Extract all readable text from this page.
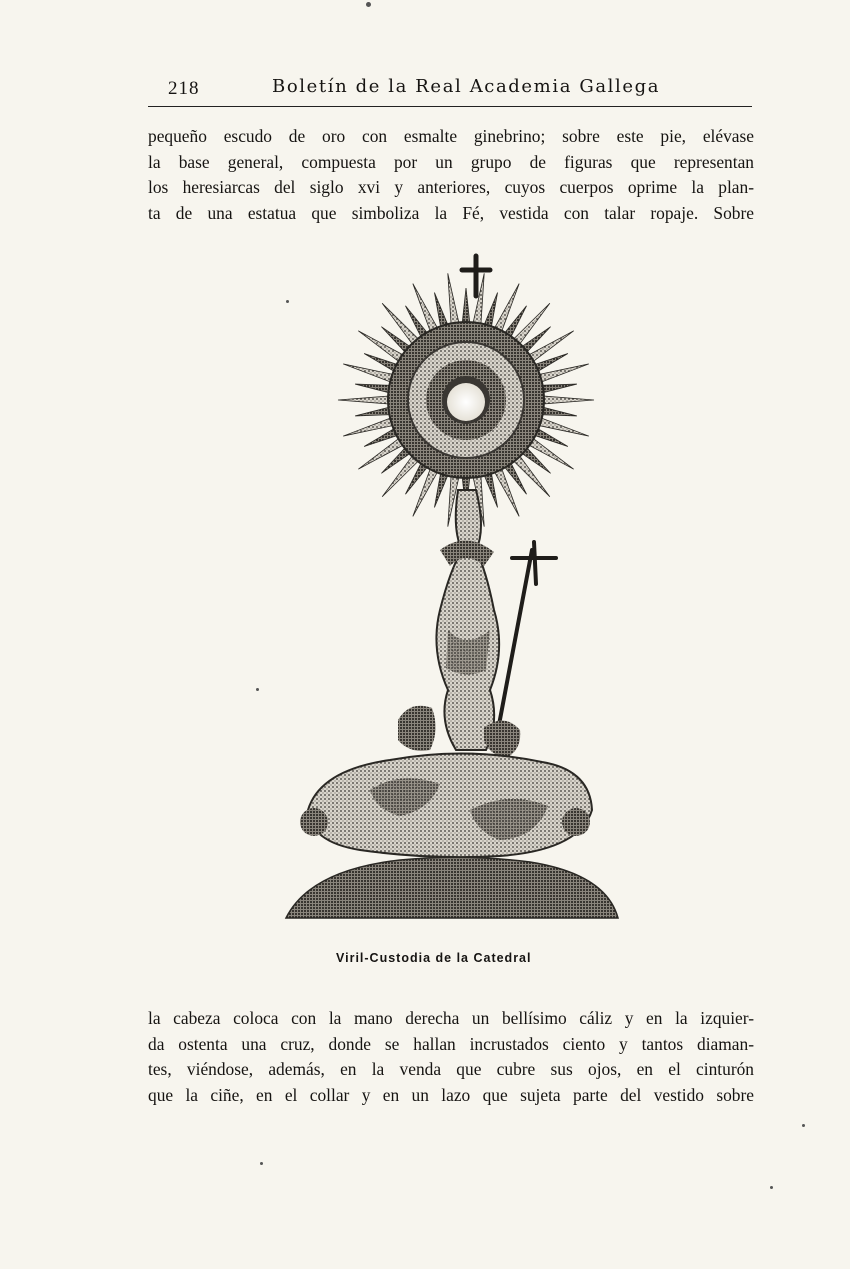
218	Boletín de la Real Academia Gallega
pequeño escudo de oro con esmalte ginebrino; sobre este pie, elévase
la base general, compuesta por un grupo de figuras que representan
los heresiarcas del siglo xvi y anteriores, cuyos cuerpos oprime la plan-
ta de una estatua que simboliza la Fé, vestida con talar ropaje. Sobre
Viril-Custodia de la Catedral
la cabeza coloca con la mano derecha un bellísimo cáliz y en la izquier-
da ostenta una cruz, donde se hallan incrustados ciento y tantos diaman-
tes, viéndose, además, en la venda que cubre sus ojos, en el cinturón
que la ciñe, en el collar y en un lazo que sujeta parte del vestido sobre
